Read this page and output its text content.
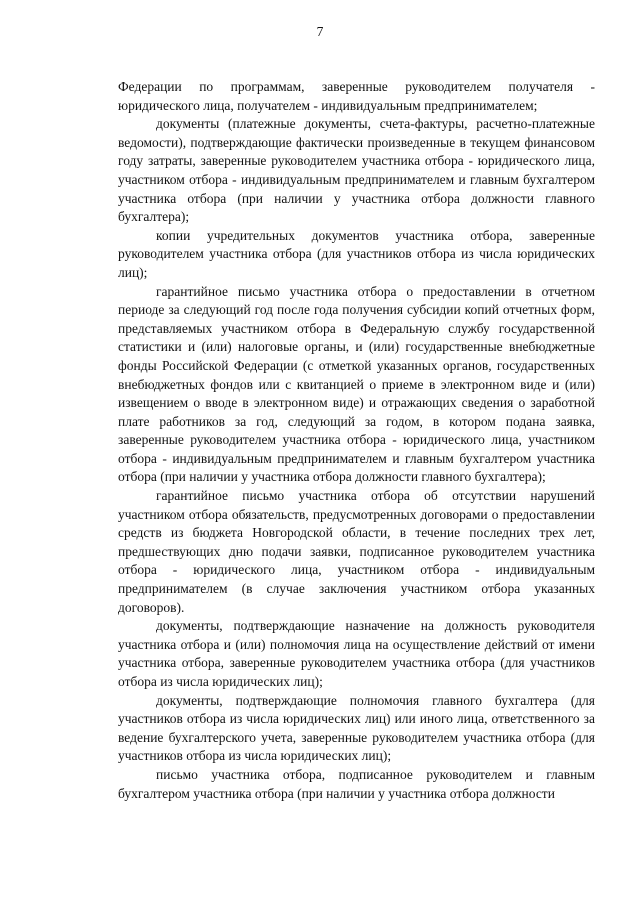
7

Федерации по программам, заверенные руководителем получателя - юридического лица, получателем - индивидуальным предпринимателем;

документы (платежные документы, счета-фактуры, расчетно-платежные ведомости), подтверждающие фактически произведенные в текущем финансовом году затраты, заверенные руководителем участника отбора - юридического лица, участником отбора - индивидуальным предпринимателем и главным бухгалтером участника отбора (при наличии у участника отбора должности главного бухгалтера);

копии учредительных документов участника отбора, заверенные руководителем участника отбора (для участников отбора из числа юридических лиц);

гарантийное письмо участника отбора о предоставлении в отчетном периоде за следующий год после года получения субсидии копий отчетных форм, представляемых участником отбора в Федеральную службу государственной статистики и (или) налоговые органы, и (или) государственные внебюджетные фонды Российской Федерации (с отметкой указанных органов, государственных внебюджетных фондов или с квитанцией о приеме в электронном виде и (или) извещением о вводе в электронном виде) и отражающих сведения о заработной плате работников за год, следующий за годом, в котором подана заявка, заверенные руководителем участника отбора - юридического лица, участником отбора - индивидуальным предпринимателем и главным бухгалтером участника отбора (при наличии у участника отбора должности главного бухгалтера);

гарантийное письмо участника отбора об отсутствии нарушений участником отбора обязательств, предусмотренных договорами о предоставлении средств из бюджета Новгородской области, в течение последних трех лет, предшествующих дню подачи заявки, подписанное руководителем участника отбора - юридического лица, участником отбора - индивидуальным предпринимателем (в случае заключения участником отбора указанных договоров).

документы, подтверждающие назначение на должность руководителя участника отбора и (или) полномочия лица на осуществление действий от имени участника отбора, заверенные руководителем участника отбора (для участников отбора из числа юридических лиц);

документы, подтверждающие полномочия главного бухгалтера (для участников отбора из числа юридических лиц) или иного лица, ответственного за ведение бухгалтерского учета, заверенные руководителем участника отбора (для участников отбора из числа юридических лиц);

письмо участника отбора, подписанное руководителем и главным бухгалтером участника отбора (при наличии у участника отбора должности
